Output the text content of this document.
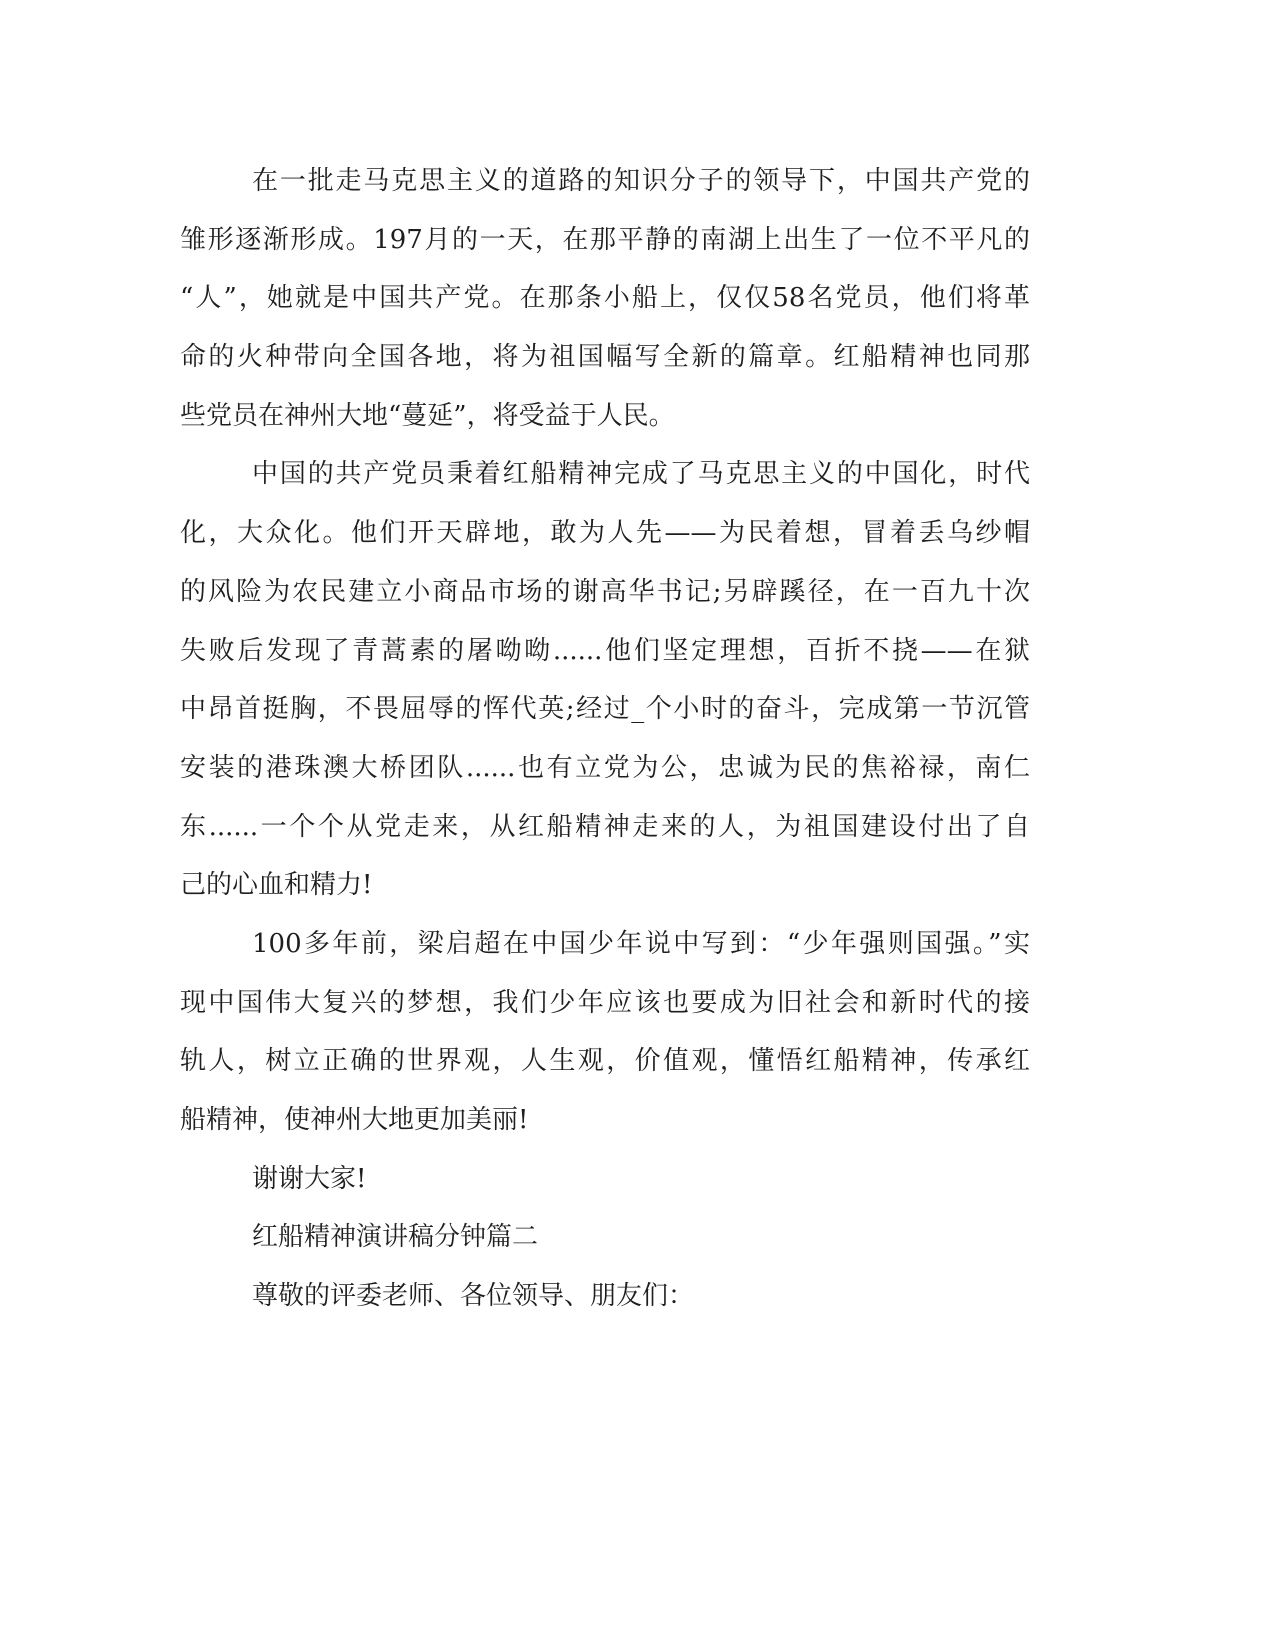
在一批走马克思主义的道路的知识分子的领导下，中国共产党的
雏形逐渐形成。197月的一天，在那平静的南湖上出生了一位不平凡的
“人”，她就是中国共产党。在那条小船上，仅仅58名党员，他们将革
命的火种带向全国各地，将为祖国幅写全新的篇章。红船精神也同那
些党员在神州大地“蔓延”，将受益于人民。
中国的共产党员秉着红船精神完成了马克思主义的中国化，时代
化，大众化。他们开天辟地，敢为人先——为民着想，冒着丢乌纱帽
的风险为农民建立小商品市场的谢高华书记;另辟蹊径，在一百九十次
失败后发现了青蒿素的屠呦呦......他们坚定理想，百折不挠——在狱
中昂首挺胸，不畏屈辱的恽代英;经过_个小时的奋斗，完成第一节沉管
安装的港珠澳大桥团队......也有立党为公，忠诚为民的焦裕禄，南仁
东......一个个从党走来，从红船精神走来的人，为祖国建设付出了自
己的心血和精力!
100多年前，梁启超在中国少年说中写到：“少年强则国强。”实
现中国伟大复兴的梦想，我们少年应该也要成为旧社会和新时代的接
轨人，树立正确的世界观，人生观，价值观，懂悟红船精神，传承红
船精神，使神州大地更加美丽!
谢谢大家!
红船精神演讲稿分钟篇二
尊敬的评委老师、各位领导、朋友们：
